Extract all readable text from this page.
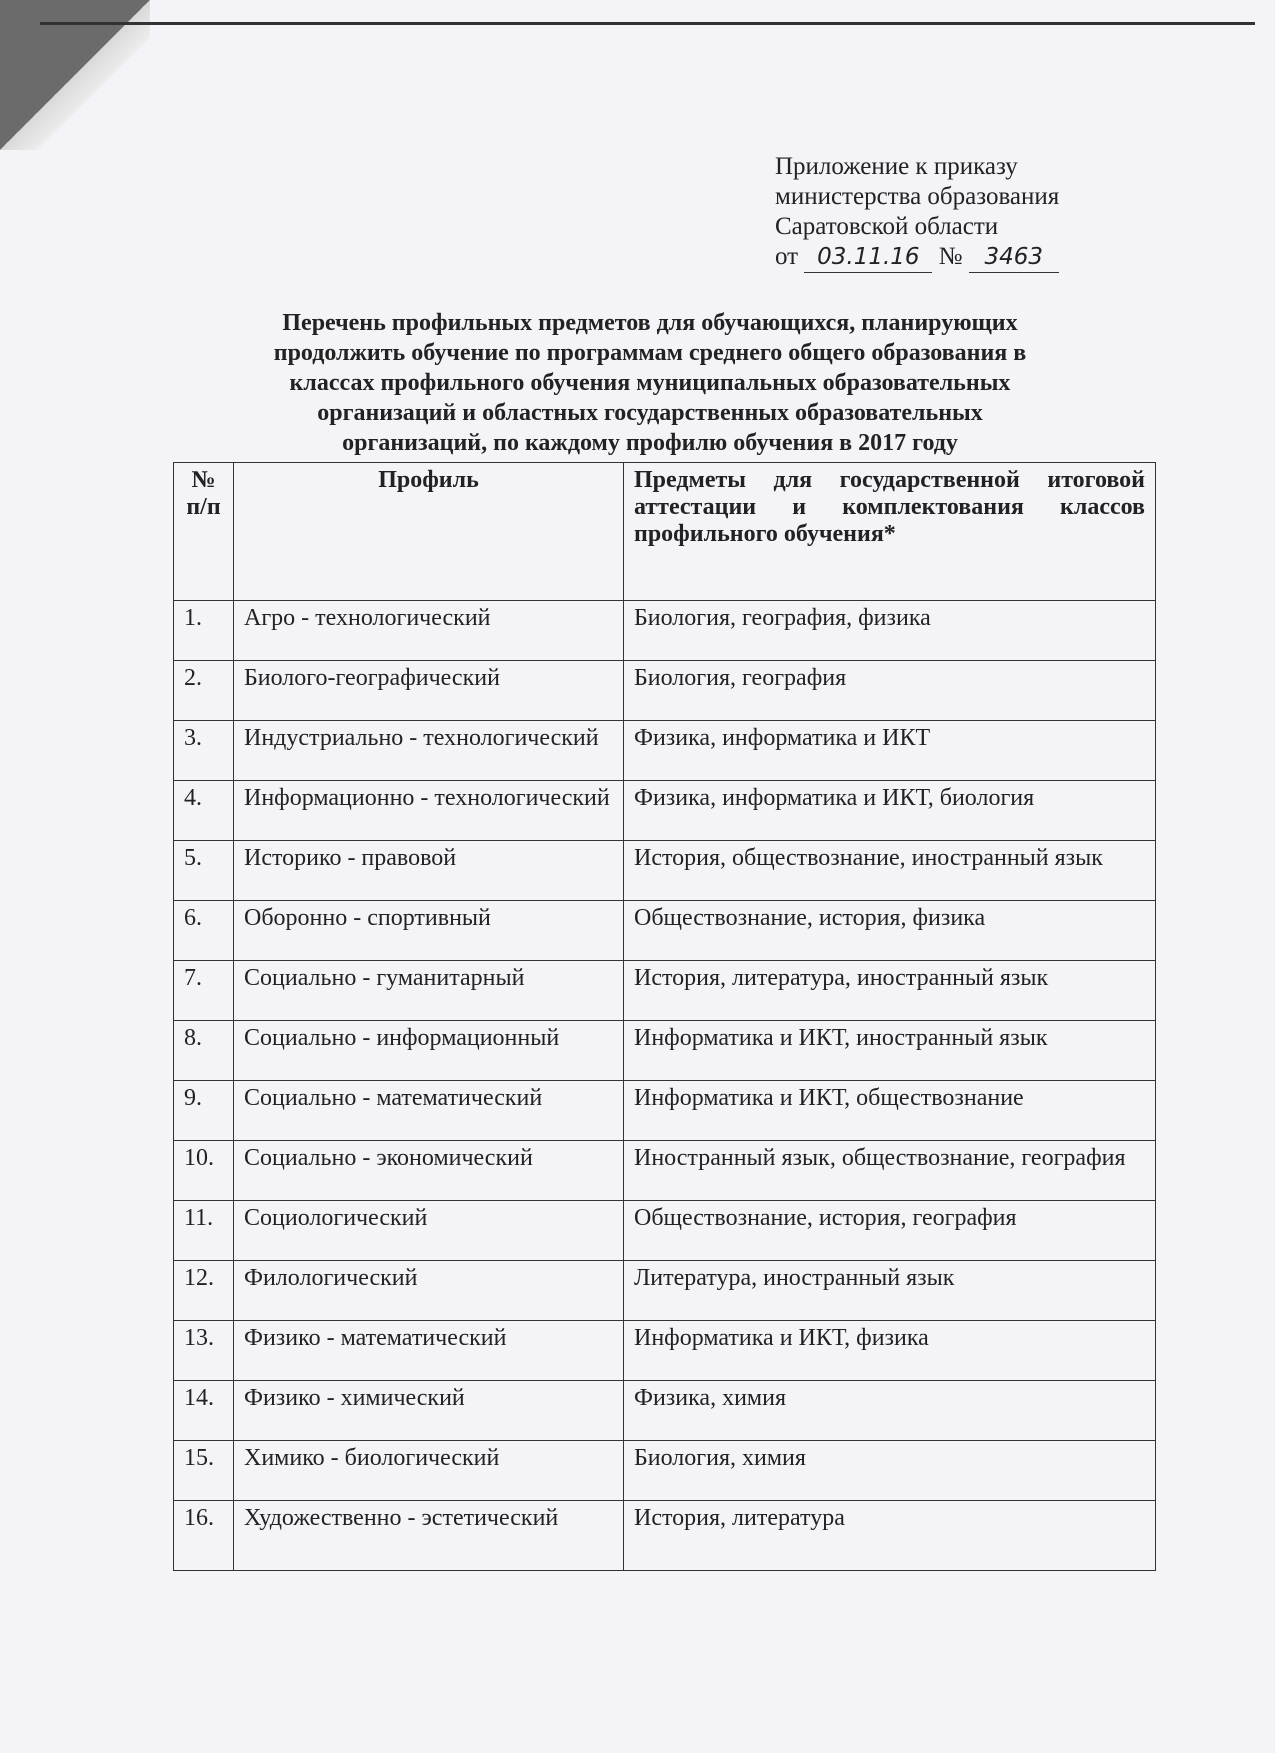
Приложение к приказу
министерства образования
Саратовской области
от 03.11.16 № 3463
Перечень профильных предметов для обучающихся, планирующих
продолжить обучение по программам среднего общего образования в
классах профильного обучения муниципальных образовательных
организаций и областных государственных образовательных
организаций, по каждому профилю обучения в 2017 году
№ п/п	Профиль	Предметы для государственной итоговой аттестации и комплектования классов профильного обучения*
1.	Агро - технологический	Биология, география, физика
2.	Биолого-географический	Биология, география
3.	Индустриально - технологический	Физика, информатика и ИКТ
4.	Информационно - технологический	Физика, информатика и ИКТ, биология
5.	Историко - правовой	История, обществознание, иностранный язык
6.	Оборонно - спортивный	Обществознание, история, физика
7.	Социально - гуманитарный	История, литература, иностранный язык
8.	Социально - информационный	Информатика и ИКТ, иностранный язык
9.	Социально - математический	Информатика и ИКТ, обществознание
10.	Социально - экономический	Иностранный язык, обществознание, география
11.	Социологический	Обществознание, история, география
12.	Филологический	Литература, иностранный язык
13.	Физико - математический	Информатика и ИКТ, физика
14.	Физико - химический	Физика, химия
15.	Химико - биологический	Биология, химия
16.	Художественно - эстетический	История, литература
